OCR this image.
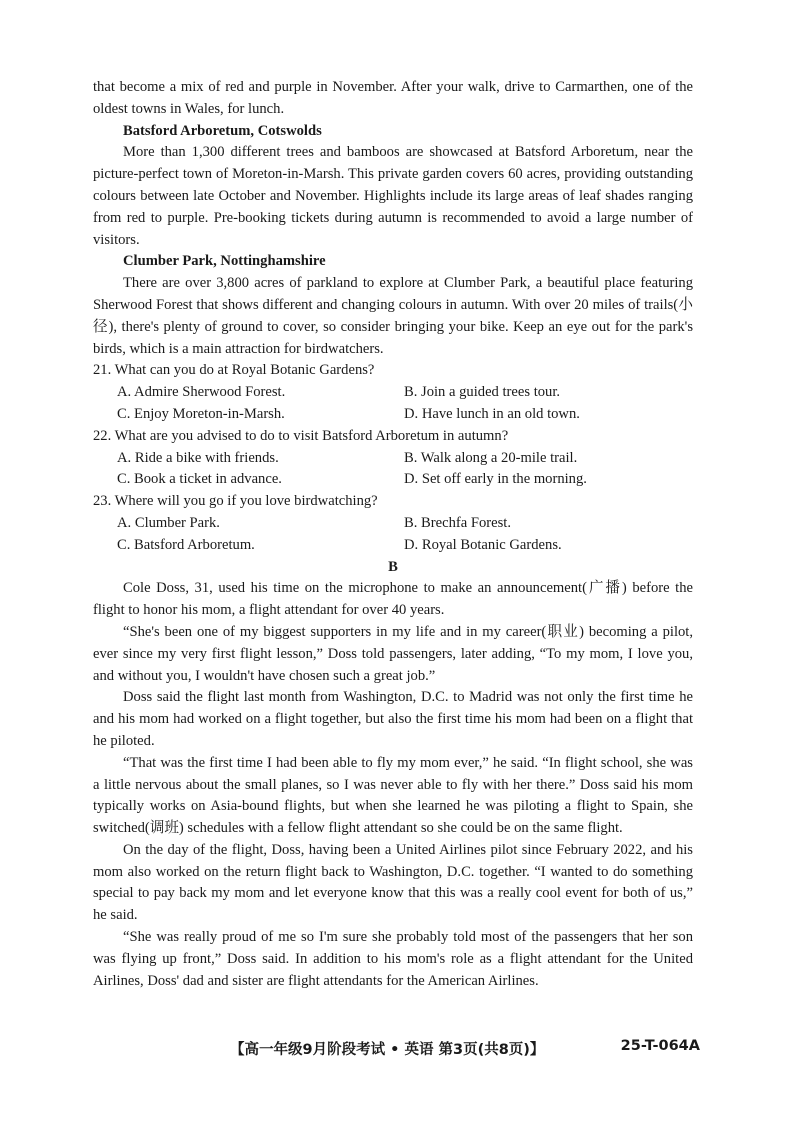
that become a mix of red and purple in November. After your walk, drive to Carmarthen, one of the oldest towns in Wales, for lunch.

Batsford Arboretum, Cotswolds

More than 1,300 different trees and bamboos are showcased at Batsford Arboretum, near the picture-perfect town of Moreton-in-Marsh. This private garden covers 60 acres, providing outstanding colours between late October and November. Highlights include its large areas of leaf shades ranging from red to purple. Pre-booking tickets during autumn is recommended to avoid a large number of visitors.

Clumber Park, Nottinghamshire

There are over 3,800 acres of parkland to explore at Clumber Park, a beautiful place featuring Sherwood Forest that shows different and changing colours in autumn. With over 20 miles of trails(小径), there's plenty of ground to cover, so consider bringing your bike. Keep an eye out for the park's birds, which is a main attraction for birdwatchers.

21. What can you do at Royal Botanic Gardens?
A. Admire Sherwood Forest.	B. Join a guided trees tour.
C. Enjoy Moreton-in-Marsh.	D. Have lunch in an old town.
22. What are you advised to do to visit Batsford Arboretum in autumn?
A. Ride a bike with friends.	B. Walk along a 20-mile trail.
C. Book a ticket in advance.	D. Set off early in the morning.
23. Where will you go if you love birdwatching?
A. Clumber Park.	B. Brechfa Forest.
C. Batsford Arboretum.	D. Royal Botanic Gardens.
B

Cole Doss, 31, used his time on the microphone to make an announcement(广播) before the flight to honor his mom, a flight attendant for over 40 years.

“She's been one of my biggest supporters in my life and in my career(职业) becoming a pilot, ever since my very first flight lesson,” Doss told passengers, later adding, “To my mom, I love you, and without you, I wouldn't have chosen such a great job.”

Doss said the flight last month from Washington, D.C. to Madrid was not only the first time he and his mom had worked on a flight together, but also the first time his mom had been on a flight that he piloted.

“That was the first time I had been able to fly my mom ever,” he said. “In flight school, she was a little nervous about the small planes, so I was never able to fly with her there.” Doss said his mom typically works on Asia-bound flights, but when she learned he was piloting a flight to Spain, she switched(调班) schedules with a fellow flight attendant so she could be on the same flight.

On the day of the flight, Doss, having been a United Airlines pilot since February 2022, and his mom also worked on the return flight back to Washington, D.C. together. “I wanted to do something special to pay back my mom and let everyone know that this was a really cool event for both of us,” he said.

“She was really proud of me so I'm sure she probably told most of the passengers that her son was flying up front,” Doss said. In addition to his mom's role as a flight attendant for the United Airlines, Doss' dad and sister are flight attendants for the American Airlines.

【高一年级9月阶段考试 • 英语 第3页(共8页)】	25-T-064A
